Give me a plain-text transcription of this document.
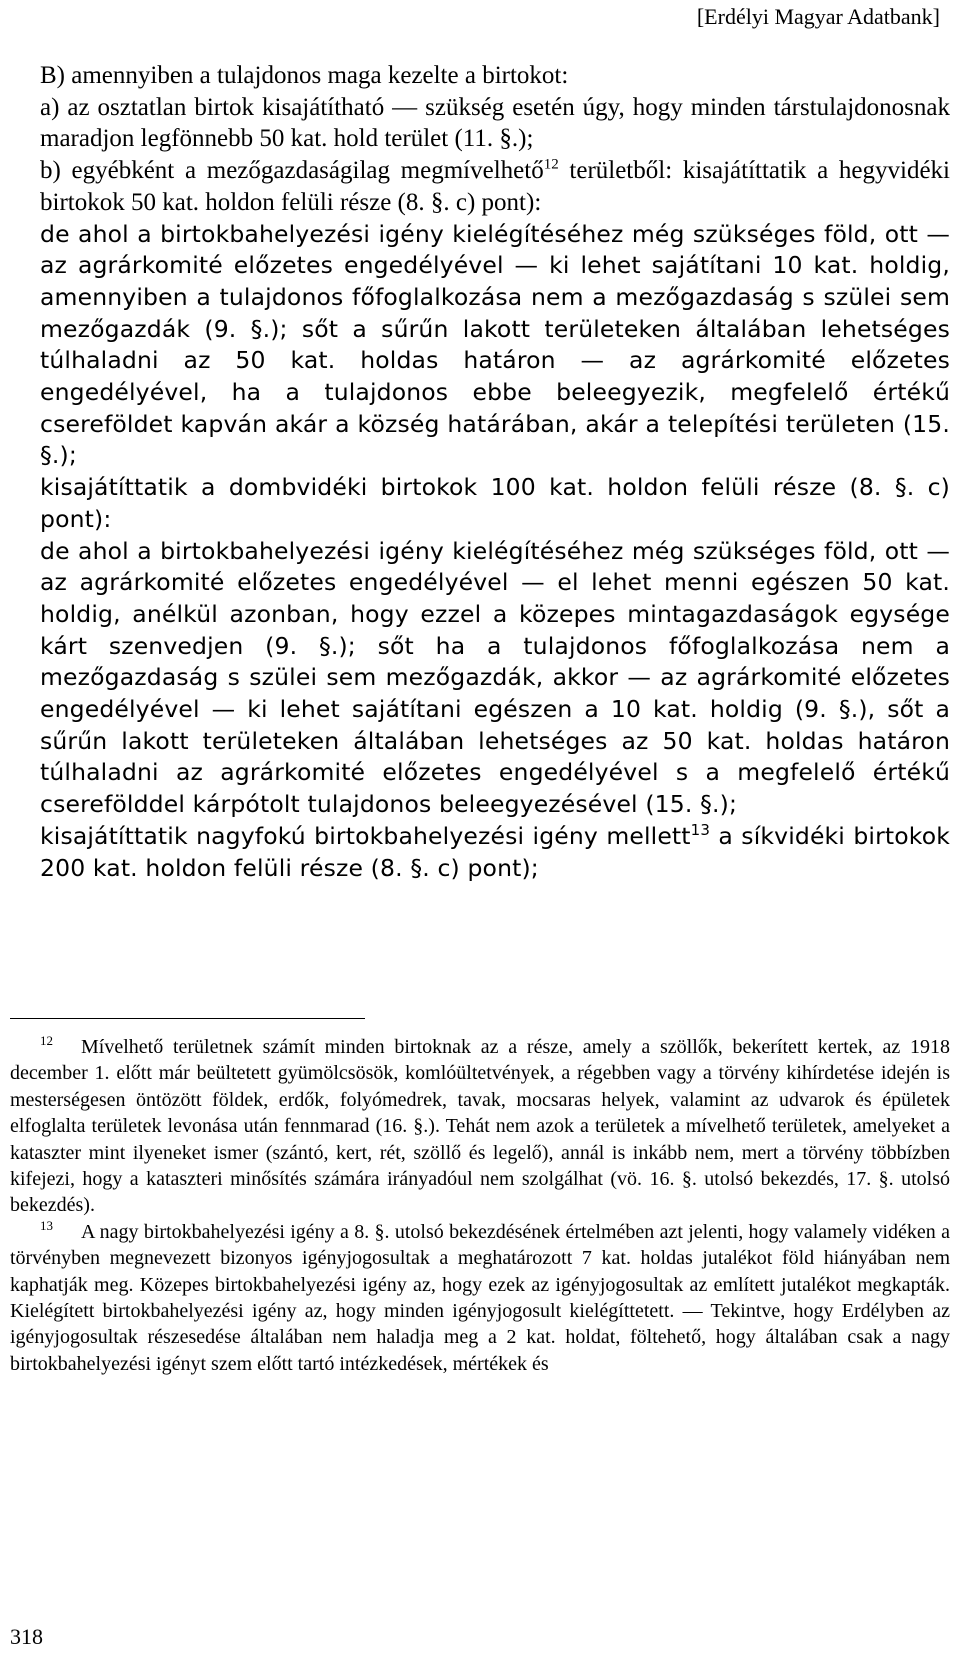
[Erdélyi Magyar Adatbank]

B) amennyiben a tulajdonos maga kezelte a birtokot:

a) az osztatlan birtok kisajátítható — szükség esetén úgy, hogy minden társtulajdonosnak maradjon legfönnebb 50 kat. hold terület (11. §.);

b) egyébként a mezőgazdaságilag megmívelhető$^{12}$ területből: kisajátíttatik a hegyvidéki birtokok 50 kat. holdon felüli része (8. §. c) pont):

de ahol a birtokbahelyezési igény kielégítéséhez még szükséges föld, ott — az agrárkomité előzetes engedélyével — ki lehet sajátítani 10 kat. holdig, amennyiben a tulajdonos főfoglalkozása nem a mezőgazdaság s szülei sem mezőgazdák (9. §.); sőt a sűrűn lakott területeken általában lehetséges túlhaladni az 50 kat. holdas határon — az agrárkomité előzetes engedélyével, ha a tulajdonos ebbe beleegyezik, megfelelő értékű csereföldet kapván akár a község határában, akár a telepítési területen (15. §.);

kisajátíttatik a dombvidéki birtokok 100 kat. holdon felüli része (8. §. c) pont):

de ahol a birtokbahelyezési igény kielégítéséhez még szükséges föld, ott — az agrárkomité előzetes engedélyével — el lehet menni egészen 50 kat. holdig, anélkül azonban, hogy ezzel a közepes mintagazdaságok egysége kárt szenvedjen (9. §.); sőt ha a tulajdonos főfoglalkozása nem a mezőgazdaság s szülei sem mezőgazdák, akkor — az agrárkomité előzetes engedélyével — ki lehet sajátítani egészen a 10 kat. holdig (9. §.), sőt a sűrűn lakott területeken általában lehetséges az 50 kat. holdas határon túlhaladni az agrárkomité előzetes engedélyével s a megfelelő értékű cserefölddel kárpótolt tulajdonos beleegyezésével (15. §.);

kisajátíttatik nagyfokú birtokbahelyezési igény mellett$^{13}$ a síkvidéki birtokok 200 kat. holdon felüli része (8. §. c) pont);

$^{12}$ Mívelhető területnek számít minden birtoknak az a része, amely a szöllők, bekerített kertek, az 1918 december 1. előtt már beültetett gyümölcsösök, komlóültetvények, a régebben vagy a törvény kihírdetése idején is mesterségesen öntözött földek, erdők, folyómedrek, tavak, mocsaras helyek, valamint az udvarok és épületek elfoglalta területek levonása után fennmarad (16. §.). Tehát nem azok a területek a mívelhető területek, amelyeket a kataszter mint ilyeneket ismer (szántó, kert, rét, szöllő és legelő), annál is inkább nem, mert a törvény többízben kifejezi, hogy a kataszteri minősítés számára irányadóul nem szolgálhat (vö. 16. §. utolsó bekezdés, 17. §. utolsó bekezdés).

$^{13}$ A nagy birtokbahelyezési igény a 8. §. utolsó bekezdésének értelmében azt jelenti, hogy valamely vidéken a törvényben megnevezett bizonyos igényjogosultak a meghatározott 7 kat. holdas jutalékot föld hiányában nem kaphatják meg. Közepes birtokbahelyezési igény az, hogy ezek az igényjogosultak az említett jutalékot megkapták. Kielégített birtokbahelyezési igény az, hogy minden igényjogosult kielégíttetett. — Tekintve, hogy Erdélyben az igényjogosultak részesedése általában nem haladja meg a 2 kat. holdat, föltehető, hogy általában csak a nagy birtokbahelyezési igényt szem előtt tartó intézkedések, mértékek és

318
